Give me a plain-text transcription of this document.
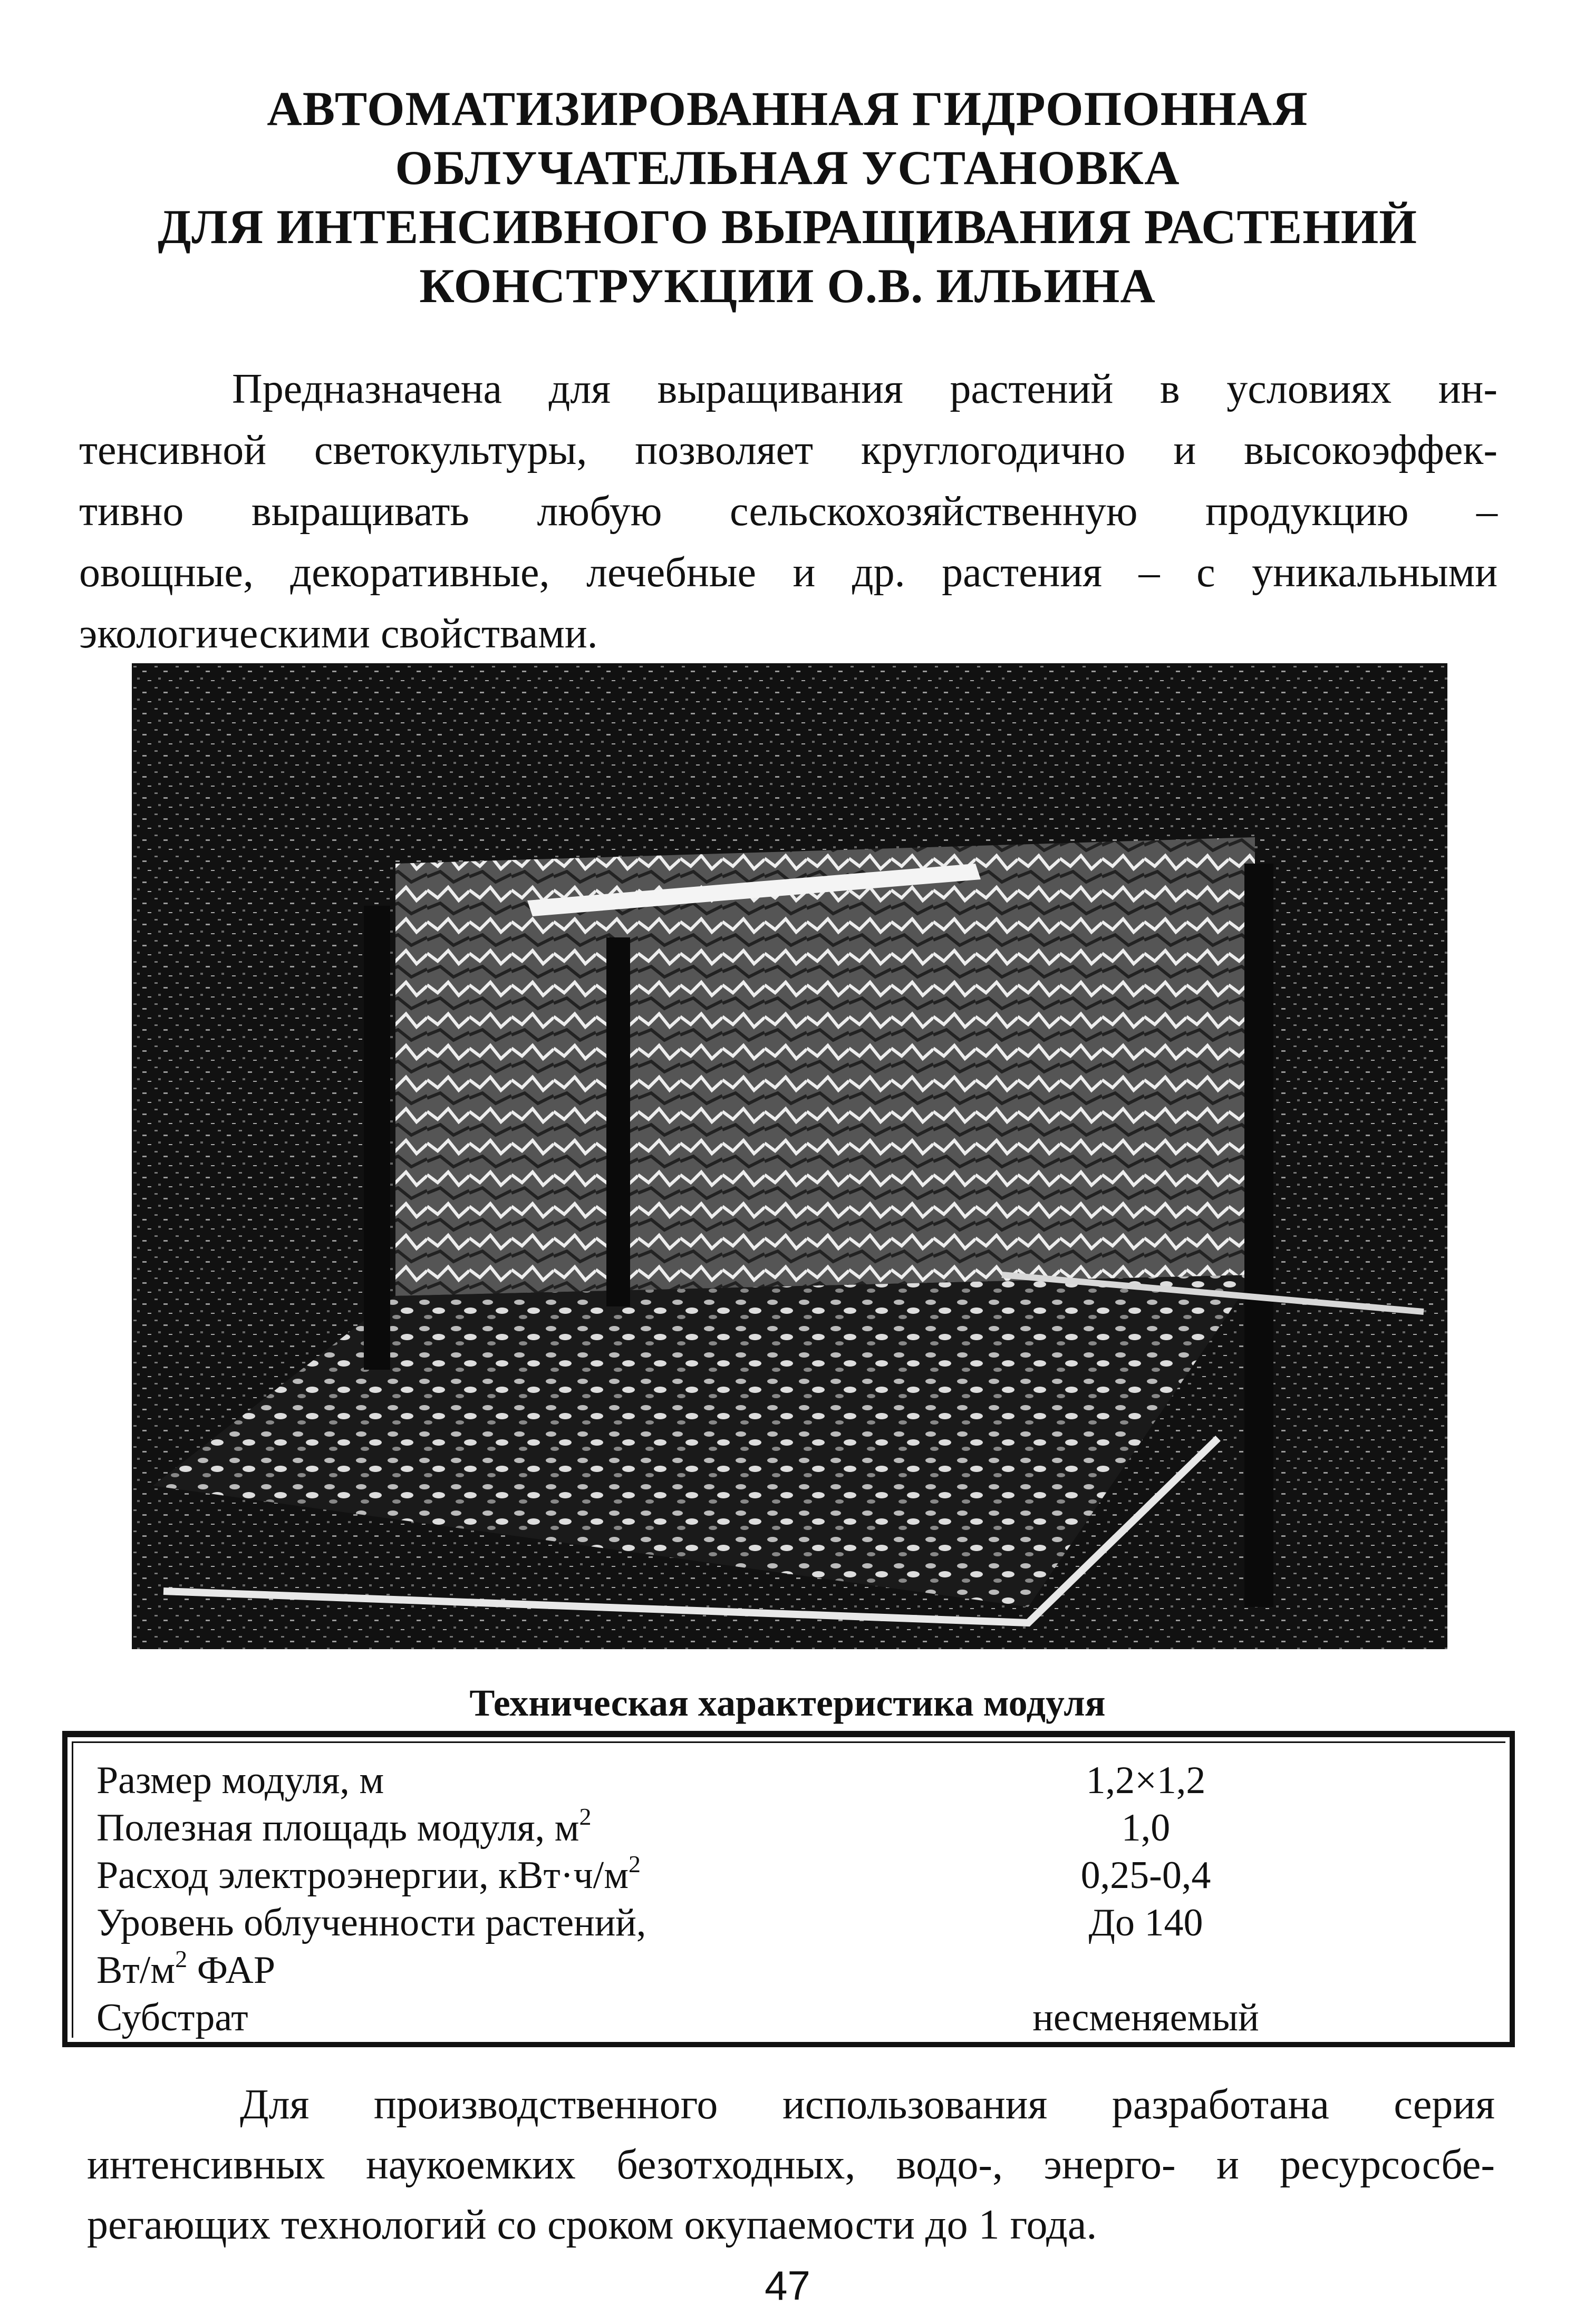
АВТОМАТИЗИРОВАННАЯ ГИДРОПОННАЯ
ОБЛУЧАТЕЛЬНАЯ УСТАНОВКА
ДЛЯ ИНТЕНСИВНОГО ВЫРАЩИВАНИЯ РАСТЕНИЙ
КОНСТРУКЦИИ О.В. ИЛЬИНА
Предназначена для выращивания растений в условиях ин-
тенсивной светокультуры, позволяет круглогодично и высокоэффек-
тивно выращивать любую сельскохозяйственную продукцию –
овощные, декоративные, лечебные и др. растения – с уникальными
экологическими свойствами.
Техническая характеристика модуля
Размер модуля, м	1,2×1,2
Полезная площадь модуля, $м^2$	1,0
Расход электроэнергии, $кВт\cdot ч/м^2$	0,25-0,4
Уровень облученности растений,	До 140
$Вт/м^2$ ФАР
Субстрат	несменяемый
Для производственного использования разработана серия
интенсивных наукоемких безотходных, водо-, энерго- и ресурсосбе-
регающих технологий со сроком окупаемости до 1 года.
47
